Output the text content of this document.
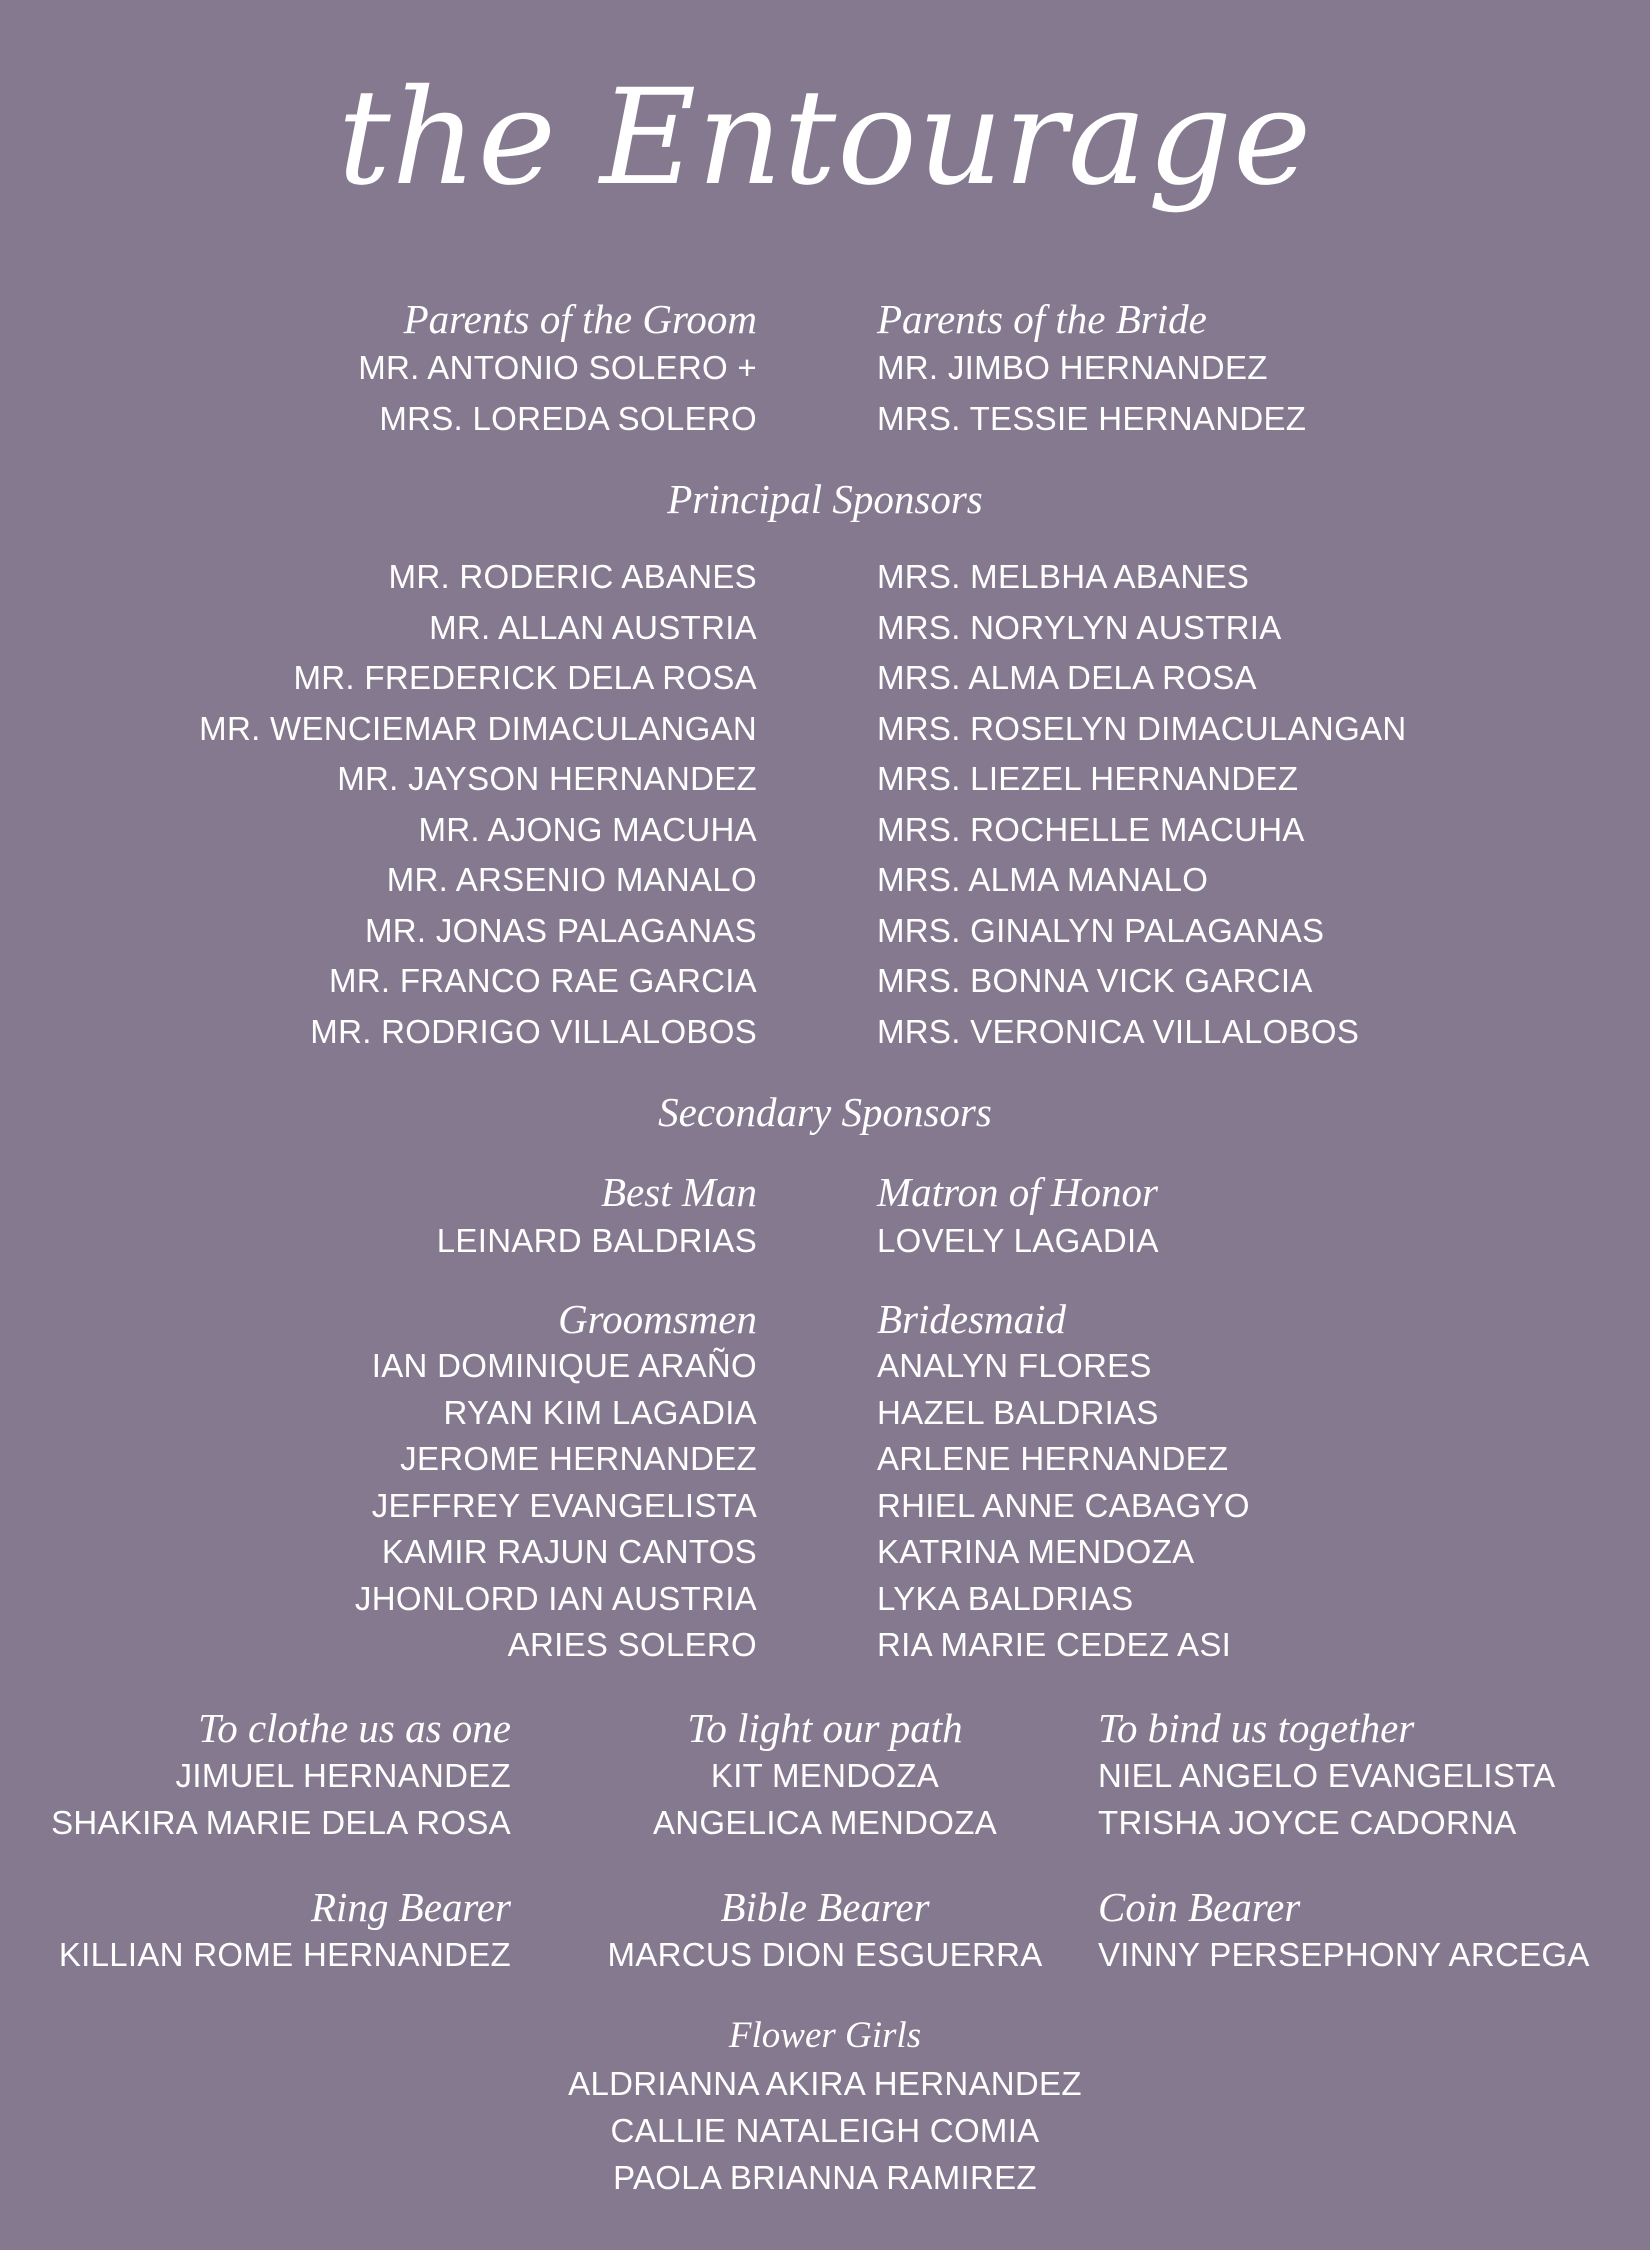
the Entourage
Parents of the Groom
MR. ANTONIO SOLERO +
MRS. LOREDA SOLERO
Parents of the Bride
MR. JIMBO HERNANDEZ
MRS. TESSIE HERNANDEZ
Principal Sponsors
MR. RODERIC ABANES
MR. ALLAN AUSTRIA
MR. FREDERICK DELA ROSA
MR. WENCIEMAR DIMACULANGAN
MR. JAYSON HERNANDEZ
MR. AJONG MACUHA
MR. ARSENIO MANALO
MR. JONAS PALAGANAS
MR. FRANCO RAE GARCIA
MR. RODRIGO VILLALOBOS
MRS. MELBHA ABANES
MRS. NORYLYN AUSTRIA
MRS. ALMA DELA ROSA
MRS. ROSELYN DIMACULANGAN
MRS. LIEZEL HERNANDEZ
MRS. ROCHELLE MACUHA
MRS. ALMA MANALO
MRS. GINALYN PALAGANAS
MRS. BONNA VICK GARCIA
MRS. VERONICA VILLALOBOS
Secondary Sponsors
Best Man
LEINARD BALDRIAS
Matron of Honor
LOVELY LAGADIA
Groomsmen
IAN DOMINIQUE ARAÑO
RYAN KIM LAGADIA
JEROME HERNANDEZ
JEFFREY EVANGELISTA
KAMIR RAJUN CANTOS
JHONLORD IAN AUSTRIA
ARIES SOLERO
Bridesmaid
ANALYN FLORES
HAZEL BALDRIAS
ARLENE HERNANDEZ
RHIEL ANNE CABAGYO
KATRINA MENDOZA
LYKA BALDRIAS
RIA MARIE CEDEZ ASI
To clothe us as one
JIMUEL HERNANDEZ
SHAKIRA MARIE DELA ROSA
To light our path
KIT MENDOZA
ANGELICA MENDOZA
To bind us together
NIEL ANGELO EVANGELISTA
TRISHA JOYCE CADORNA
Ring Bearer
KILLIAN ROME HERNANDEZ
Bible Bearer
MARCUS DION ESGUERRA
Coin Bearer
VINNY PERSEPHONY ARCEGA
Flower Girls
ALDRIANNA AKIRA HERNANDEZ
CALLIE NATALEIGH COMIA
PAOLA BRIANNA RAMIREZ
